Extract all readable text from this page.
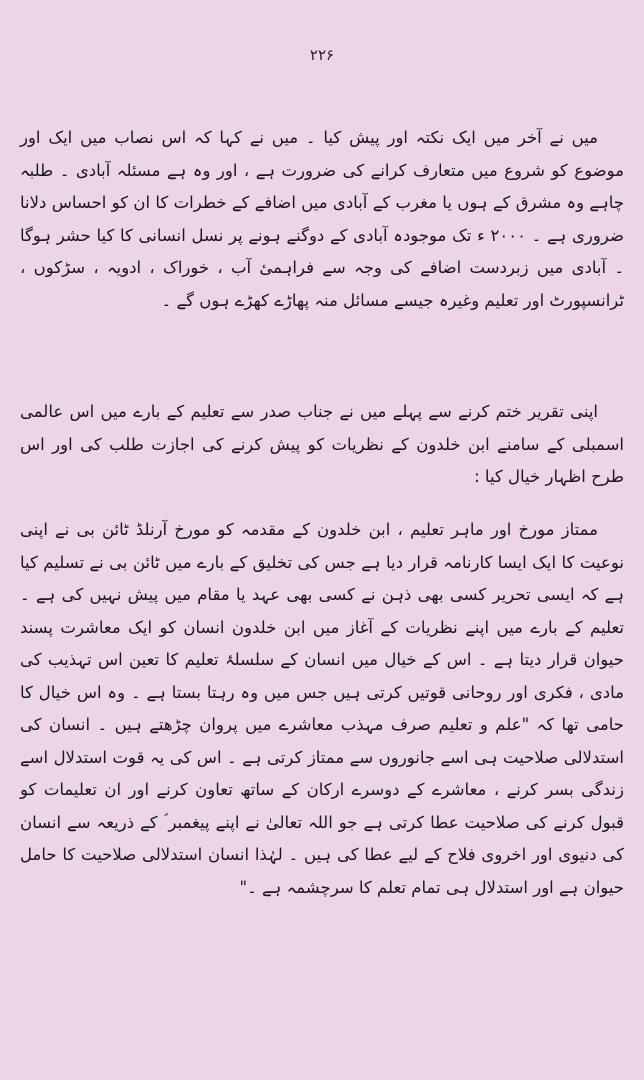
۲۲۶

میں نے آخر میں ایک نکتہ اور پیش کیا ۔ میں نے کہا کہ اس نصاب میں ایک اور موضوع کو شروع میں متعارف کرانے کی ضرورت ہے ، اور وہ ہے مسئلہ آبادی ۔ طلبہ چاہے وہ مشرق کے ہوں یا مغرب کے آبادی میں اضافے کے خطرات کا ان کو احساس دلانا ضروری ہے ۔ ۲۰۰۰ ء تک موجودہ آبادی کے دوگنے ہونے پر نسل انسانی کا کیا حشر ہوگا ۔ آبادی میں زبردست اضافے کی وجہ سے فراہمیٔ آب ، خوراک ، ادویہ ، سڑکوں ، ٹرانسپورٹ اور تعلیم وغیرہ جیسے مسائل منہ پھاڑے کھڑے ہوں گے ۔

اپنی تقریر ختم کرنے سے پہلے میں نے جناب صدر سے تعلیم کے بارے میں اس عالمی اسمبلی کے سامنے ابن خلدون کے نظریات کو پیش کرنے کی اجازت طلب کی اور اس طرح اظہار خیال کیا :

ممتاز مورخ اور ماہر تعلیم ، ابن خلدون کے مقدمہ کو مورخ آرنلڈ ٹائن بی نے اپنی نوعیت کا ایک ایسا کارنامہ قرار دیا ہے جس کی تخلیق کے بارے میں ٹائن بی نے تسلیم کیا ہے کہ ایسی تحریر کسی بھی ذہن نے کسی بھی عہد یا مقام میں پیش نہیں کی ہے ۔ تعلیم کے بارے میں اپنے نظریات کے آغاز میں ابن خلدون انسان کو ایک معاشرت پسند حیوان قرار دیتا ہے ۔ اس کے خیال میں انسان کے سلسلۂ تعلیم کا تعین اس تہذیب کی مادی ، فکری اور روحانی قوتیں کرتی ہیں جس میں وہ رہتا بستا ہے ۔ وہ اس خیال کا حامی تھا کہ "علم و تعلیم صرف مہذب معاشرے میں پروان چڑھتے ہیں ۔ انسان کی استدلالی صلاحیت ہی اسے جانوروں سے ممتاز کرتی ہے ۔ اس کی یہ قوت استدلال اسے زندگی بسر کرنے ، معاشرے کے دوسرے ارکان کے ساتھ تعاون کرنے اور ان تعلیمات کو قبول کرنے کی صلاحیت عطا کرتی ہے جو اللہ تعالیٰ نے اپنے پیغمبر ؐ کے ذریعہ سے انسان کی دنیوی اور اخروی فلاح کے لیے عطا کی ہیں ۔ لہٰذا انسان استدلالی صلاحیت کا حامل حیوان ہے اور استدلال ہی تمام تعلم کا سرچشمہ ہے ۔"
